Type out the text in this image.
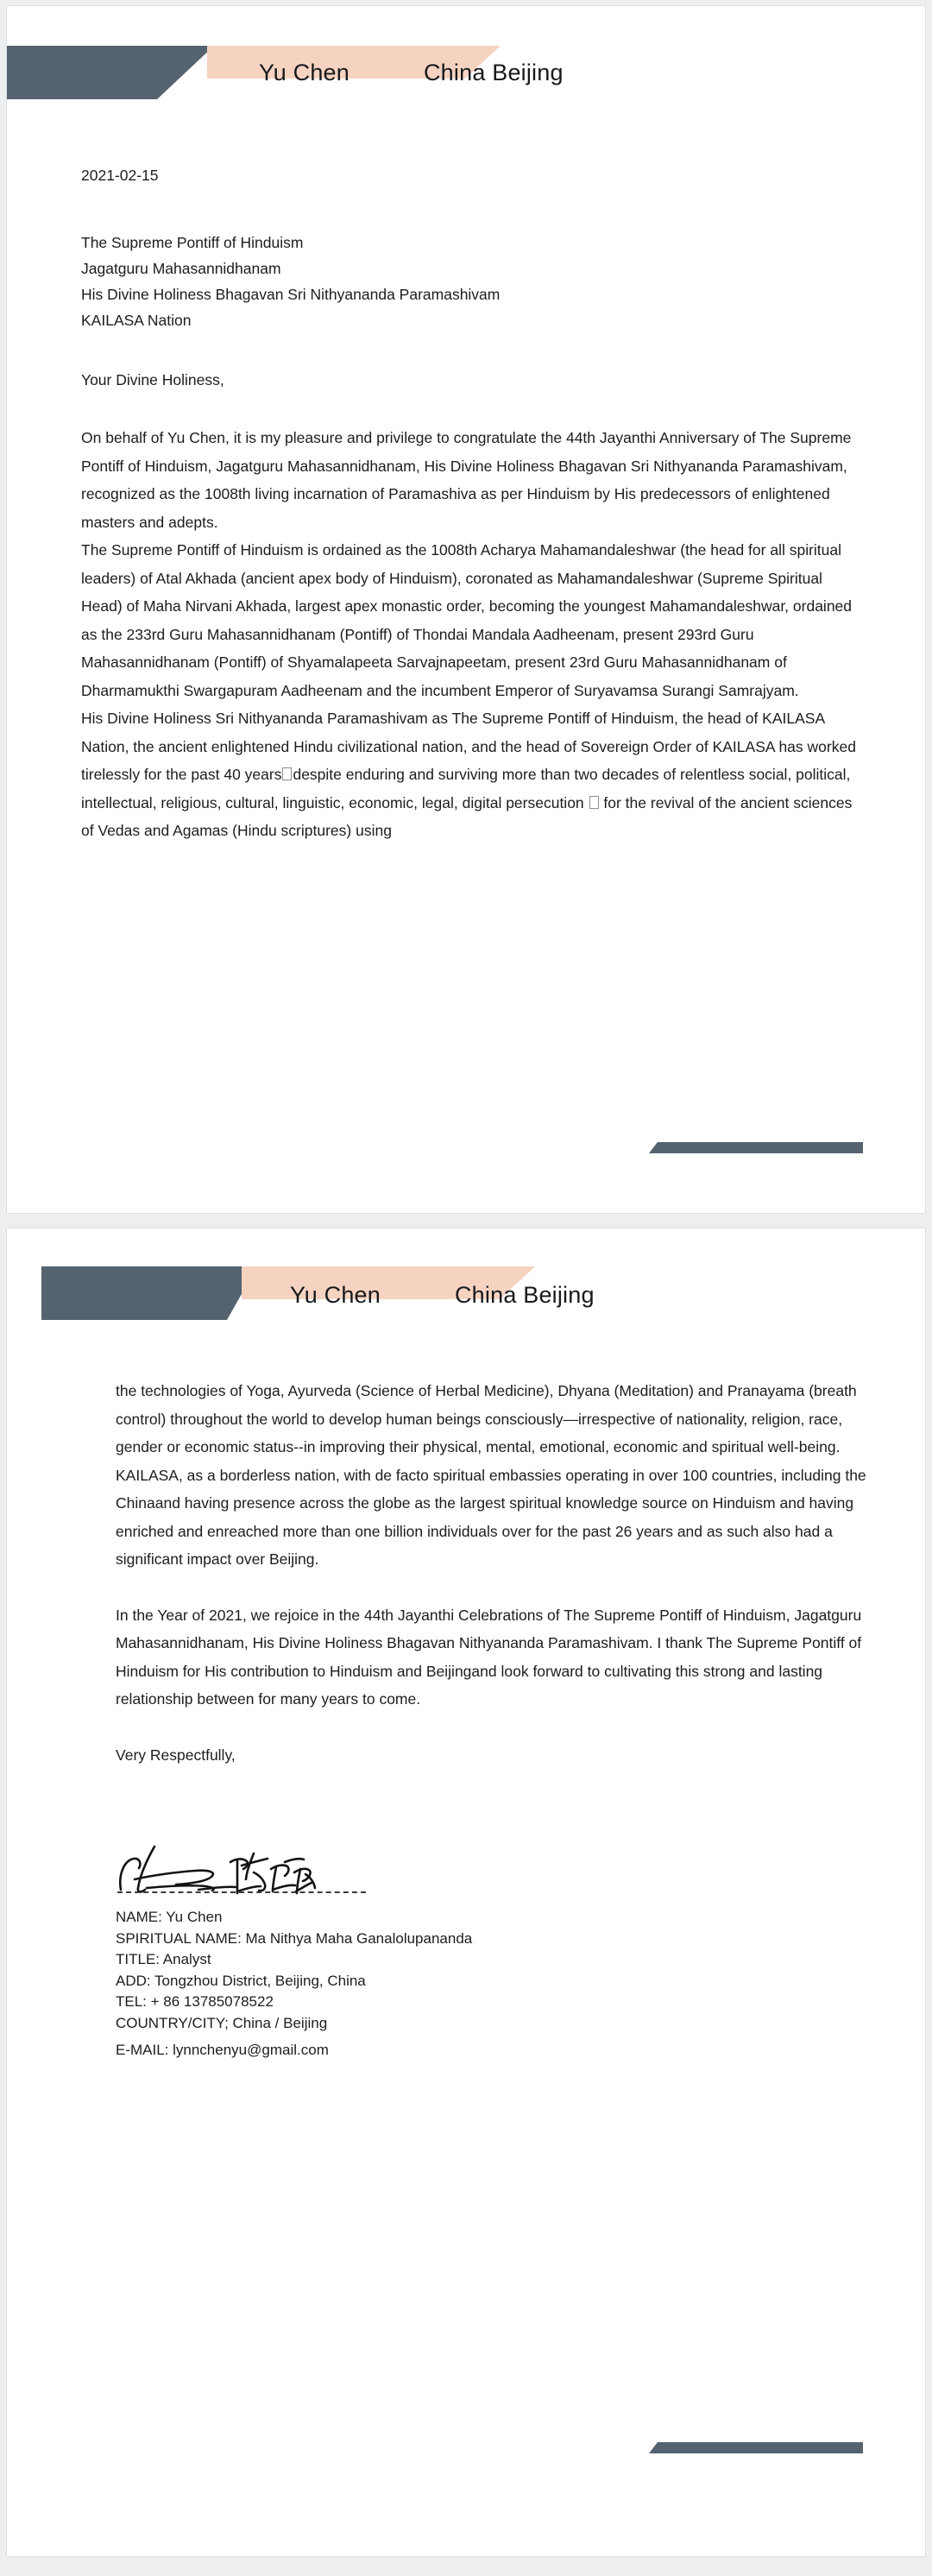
Yu Chen	China Beijing

2021-02-15

The Supreme Pontiff of Hinduism

Jagatguru Mahasannidhanam

His Divine Holiness Bhagavan Sri Nithyananda Paramashivam

KAILASA Nation

Your Divine Holiness,

On behalf of Yu Chen, it is my pleasure and privilege to congratulate the 44th Jayanthi Anniversary of The Supreme Pontiff of Hinduism, Jagatguru Mahasannidhanam, His Divine Holiness Bhagavan Sri Nithyananda Paramashivam, recognized as the 1008th living incarnation of Paramashiva as per Hinduism by His predecessors of enlightened masters and adepts.

The Supreme Pontiff of Hinduism is ordained as the 1008th Acharya Mahamandaleshwar (the head for all spiritual leaders) of Atal Akhada (ancient apex body of Hinduism), coronated as Mahamandaleshwar (Supreme Spiritual Head) of Maha Nirvani Akhada, largest apex monastic order, becoming the youngest Mahamandaleshwar, ordained as the 233rd Guru Mahasannidhanam (Pontiff) of Thondai Mandala Aadheenam, present 293rd Guru Mahasannidhanam (Pontiff) of Shyamalapeeta Sarvajnapeetam, present 23rd Guru Mahasannidhanam of Dharmamukthi Swargapuram Aadheenam and the incumbent Emperor of Suryavamsa Surangi Samrajyam.

His Divine Holiness Sri Nithyananda Paramashivam as The Supreme Pontiff of Hinduism, the head of KAILASA Nation, the ancient enlightened Hindu civilizational nation, and the head of Sovereign Order of KAILASA has worked tirelessly for the past 40 years despite enduring and surviving more than two decades of relentless social, political, intellectual, religious, cultural, linguistic, economic, legal, digital persecution  for the revival of the ancient sciences of Vedas and Agamas (Hindu scriptures) using

Yu Chen	China Beijing

the technologies of Yoga, Ayurveda (Science of Herbal Medicine), Dhyana (Meditation) and Pranayama (breath control) throughout the world to develop human beings consciously—irrespective of nationality, religion, race, gender or economic status--in improving their physical, mental, emotional, economic and spiritual well-being. KAILASA, as a borderless nation, with de facto spiritual embassies operating in over 100 countries, including the Chinaand having presence across the globe as the largest spiritual knowledge source on Hinduism and having enriched and enreached more than one billion individuals over for the past 26 years and as such also had a significant impact over Beijing.

In the Year of 2021, we rejoice in the 44th Jayanthi Celebrations of The Supreme Pontiff of Hinduism, Jagatguru Mahasannidhanam, His Divine Holiness Bhagavan Nithyananda Paramashivam. I thank The Supreme Pontiff of Hinduism for His contribution to Hinduism and Beijingand look forward to cultivating this strong and lasting relationship between for many years to come.

Very Respectfully,

NAME: Yu Chen

SPIRITUAL NAME: Ma Nithya Maha Ganalolupananda

TITLE: Analyst

ADD: Tongzhou District, Beijing, China

TEL: + 86 13785078522

COUNTRY/CITY; China / Beijing

E-MAIL: lynnchenyu@gmail.com
